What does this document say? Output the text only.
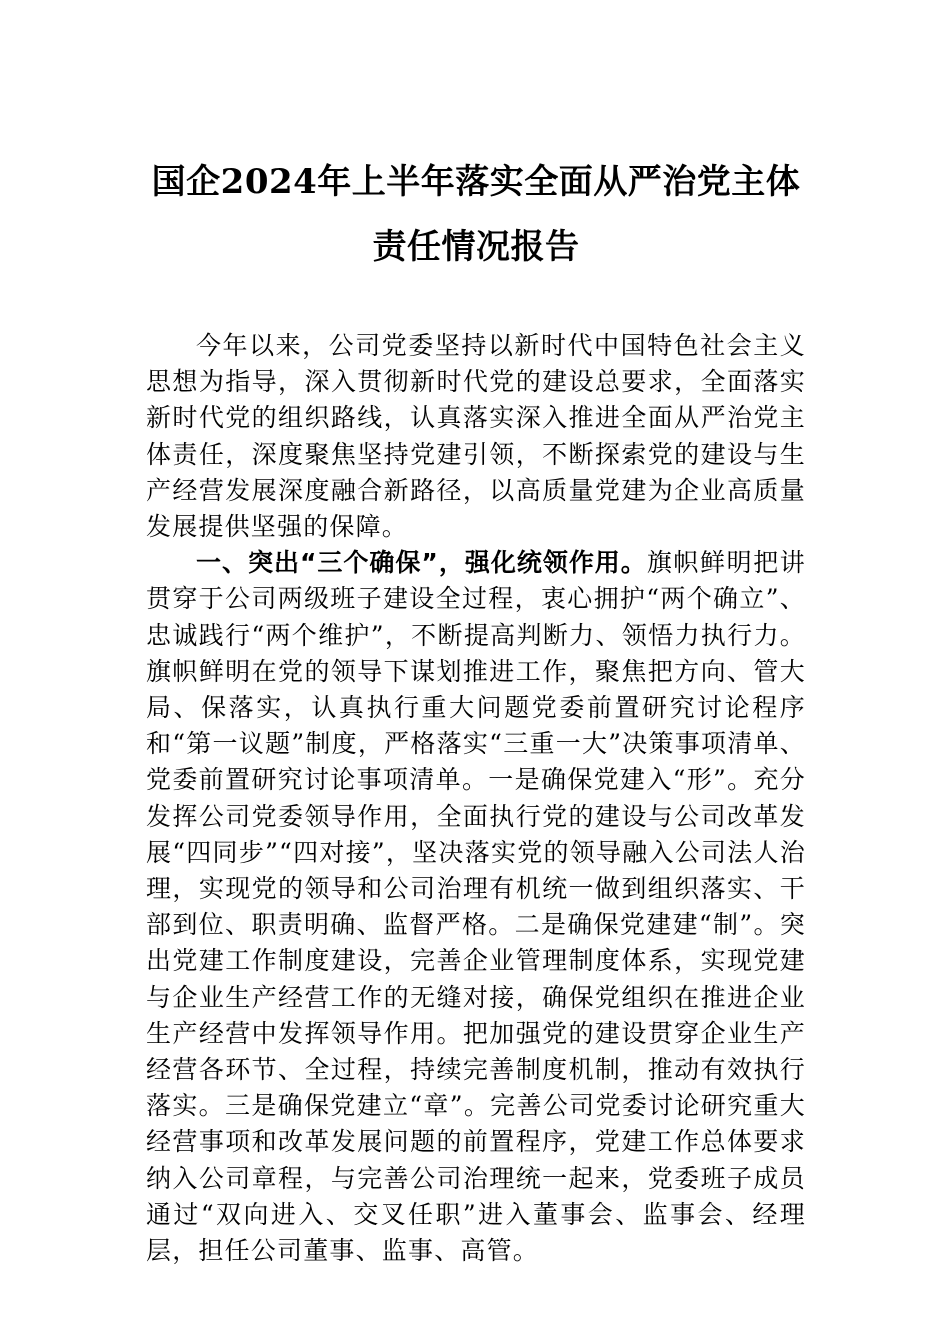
国企2024年上半年落实全面从严治党主体
责任情况报告

今年以来，公司党委坚持以新时代中国特色社会主义思想为指导，深入贯彻新时代党的建设总要求，全面落实新时代党的组织路线，认真落实深入推进全面从严治党主体责任，深度聚焦坚持党建引领，不断探索党的建设与生产经营发展深度融合新路径，以高质量党建为企业高质量发展提供坚强的保障。

一、突出“三个确保”，强化统领作用。旗帜鲜明把讲贯穿于公司两级班子建设全过程，衷心拥护“两个确立”、忠诚践行“两个维护”，不断提高判断力、领悟力执行力。旗帜鲜明在党的领导下谋划推进工作，聚焦把方向、管大局、保落实，认真执行重大问题党委前置研究讨论程序和“第一议题”制度，严格落实“三重一大”决策事项清单、党委前置研究讨论事项清单。一是确保党建入“形”。充分发挥公司党委领导作用，全面执行党的建设与公司改革发展“四同步”“四对接”，坚决落实党的领导融入公司法人治理，实现党的领导和公司治理有机统一做到组织落实、干部到位、职责明确、监督严格。二是确保党建建“制”。突出党建工作制度建设，完善企业管理制度体系，实现党建与企业生产经营工作的无缝对接，确保党组织在推进企业生产经营中发挥领导作用。把加强党的建设贯穿企业生产经营各环节、全过程，持续完善制度机制，推动有效执行落实。三是确保党建立“章”。完善公司党委讨论研究重大经营事项和改革发展问题的前置程序，党建工作总体要求纳入公司章程，与完善公司治理统一起来，党委班子成员通过“双向进入、交叉任职”进入董事会、监事会、经理层，担任公司董事、监事、高管。
